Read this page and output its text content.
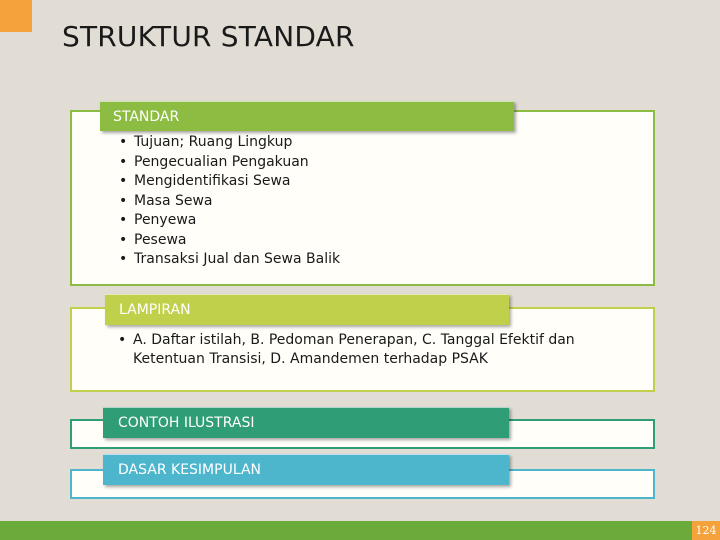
STRUKTUR STANDAR
STANDAR
• Tujuan; Ruang Lingkup
• Pengecualian Pengakuan
• Mengidentifikasi Sewa
• Masa Sewa
• Penyewa
• Pesewa
• Transaksi Jual dan Sewa Balik
LAMPIRAN
• A. Daftar istilah, B. Pedoman Penerapan, C. Tanggal Efektif dan Ketentuan Transisi, D. Amandemen terhadap PSAK
CONTOH ILUSTRASI
DASAR KESIMPULAN
124
